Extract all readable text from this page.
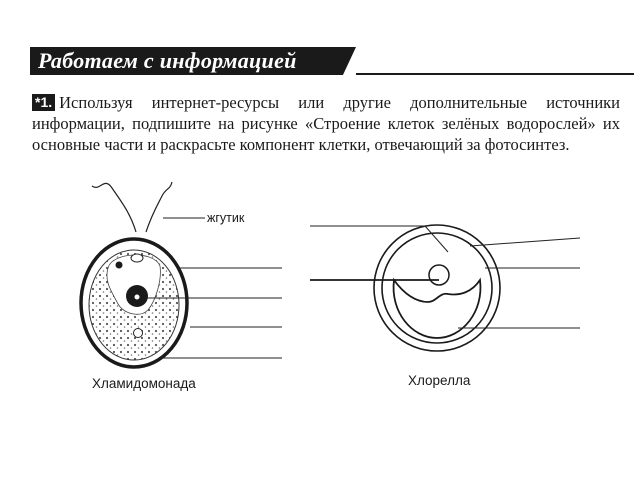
Работаем с информацией
*1. Используя интернет-ресурсы или другие дополнительные источники информации, подпишите на рисунке «Строение клеток зелёных водорослей» их основные части и раскрасьте компонент клетки, отвечающий за фотосинтез.
жгутик
Хламидомонада	Хлорелла
